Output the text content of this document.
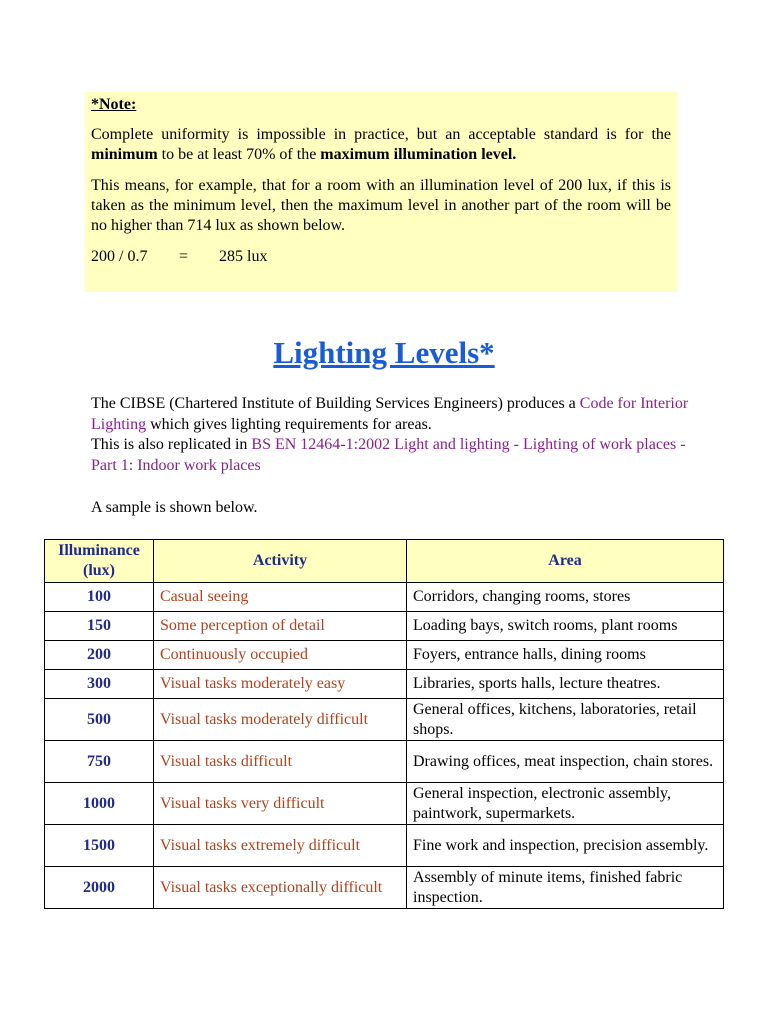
*Note:

Complete uniformity is impossible in practice, but an acceptable standard is for the minimum to be at least 70% of the maximum illumination level.

This means, for example, that for a room with an illumination level of 200 lux, if this is taken as the minimum level, then the maximum level in another part of the room will be no higher than 714 lux as shown below.

200 / 0.7 = 285 lux

Lighting Levels*
The CIBSE (Chartered Institute of Building Services Engineers) produces a Code for Interior Lighting which gives lighting requirements for areas.
This is also replicated in BS EN 12464-1:2002 Light and lighting - Lighting of work places - Part 1: Indoor work places
A sample is shown below.
Illuminance (lux)	Activity	Area
100	Casual seeing	Corridors, changing rooms, stores
150	Some perception of detail	Loading bays, switch rooms, plant rooms
200	Continuously occupied	Foyers, entrance halls, dining rooms
300	Visual tasks moderately easy	Libraries, sports halls, lecture theatres.
500	Visual tasks moderately difficult	General offices, kitchens, laboratories, retail shops.
750	Visual tasks difficult	Drawing offices, meat inspection, chain stores.
1000	Visual tasks very difficult	General inspection, electronic assembly, paintwork, supermarkets.
1500	Visual tasks extremely difficult	Fine work and inspection, precision assembly.
2000	Visual tasks exceptionally difficult	Assembly of minute items, finished fabric inspection.
